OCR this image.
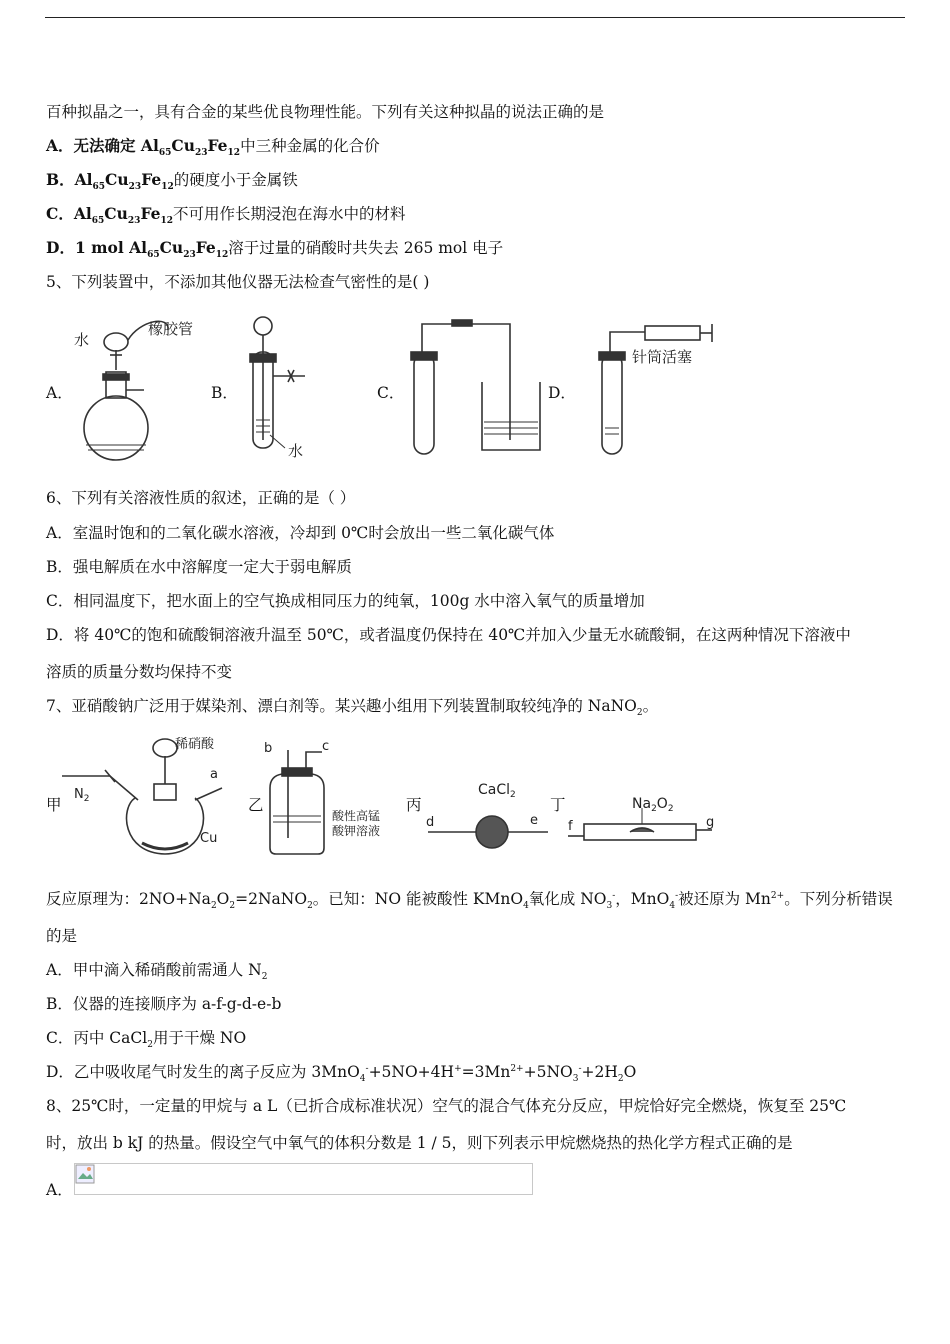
百种拟晶之一，具有合金的某些优良物理性能。下列有关这种拟晶的说法正确的是
A．无法确定 $Al_{65}Cu_{23}Fe_{12}$中三种金属的化合价
B．$Al_{65}Cu_{23}Fe_{12}$的硬度小于金属铁
C．$Al_{65}Cu_{23}Fe_{12}$不可用作长期浸泡在海水中的材料
D．1 mol $Al_{65}Cu_{23}Fe_{12}$溶于过量的硝酸时共失去 265 mol 电子
5、下列装置中，不添加其他仪器无法检查气密性的是( )
A．	B．	C．	D．
水
橡胶管
水
针筒活塞
6、下列有关溶液性质的叙述，正确的是（ ）
A．室温时饱和的二氧化碳水溶液，冷却到 0℃时会放出一些二氧化碳气体
B．强电解质在水中溶解度一定大于弱电解质
C．相同温度下，把水面上的空气换成相同压力的纯氧，100g 水中溶入氧气的质量增加
D．将 40℃的饱和硫酸铜溶液升温至 50℃，或者温度仍保持在 40℃并加入少量无水硫酸铜，在这两种情况下溶液中
溶质的质量分数均保持不变
7、亚硝酸钠广泛用于媒染剂、漂白剂等。某兴趣小组用下列装置制取较纯净的 NaNO$_2$。
甲	乙	丙	丁
稀硝酸
$N_2$
a
Cu
b	c
酸性高锰
酸钾溶液
CaCl$_2$
d	e
$Na_2O_2$
f	g
反应原理为：$2NO+Na_2O_2=2NaNO_2$。已知：NO 能被酸性 KMnO$_4$氧化成 $NO_3^-$，MnO$_4$-被还原为 $Mn^{2+}$。下列分析错误
的是
A．甲中滴入稀硝酸前需通人 $N_2$
B．仪器的连接顺序为 a-f-g-d-e-b
C．丙中 CaCl$_2$用于干燥 NO
D．乙中吸收尾气时发生的离子反应为 $3MnO_4^-+5NO+4H^+=3Mn^{2+}+5NO_3^-+2H_2O$
8、25℃时，一定量的甲烷与 a L（已折合成标准状况）空气的混合气体充分反应，甲烷恰好完全燃烧，恢复至 25℃
时，放出 b kJ 的热量。假设空气中氧气的体积分数是 1 / 5，则下列表示甲烷燃烧热的热化学方程式正确的是
A．
